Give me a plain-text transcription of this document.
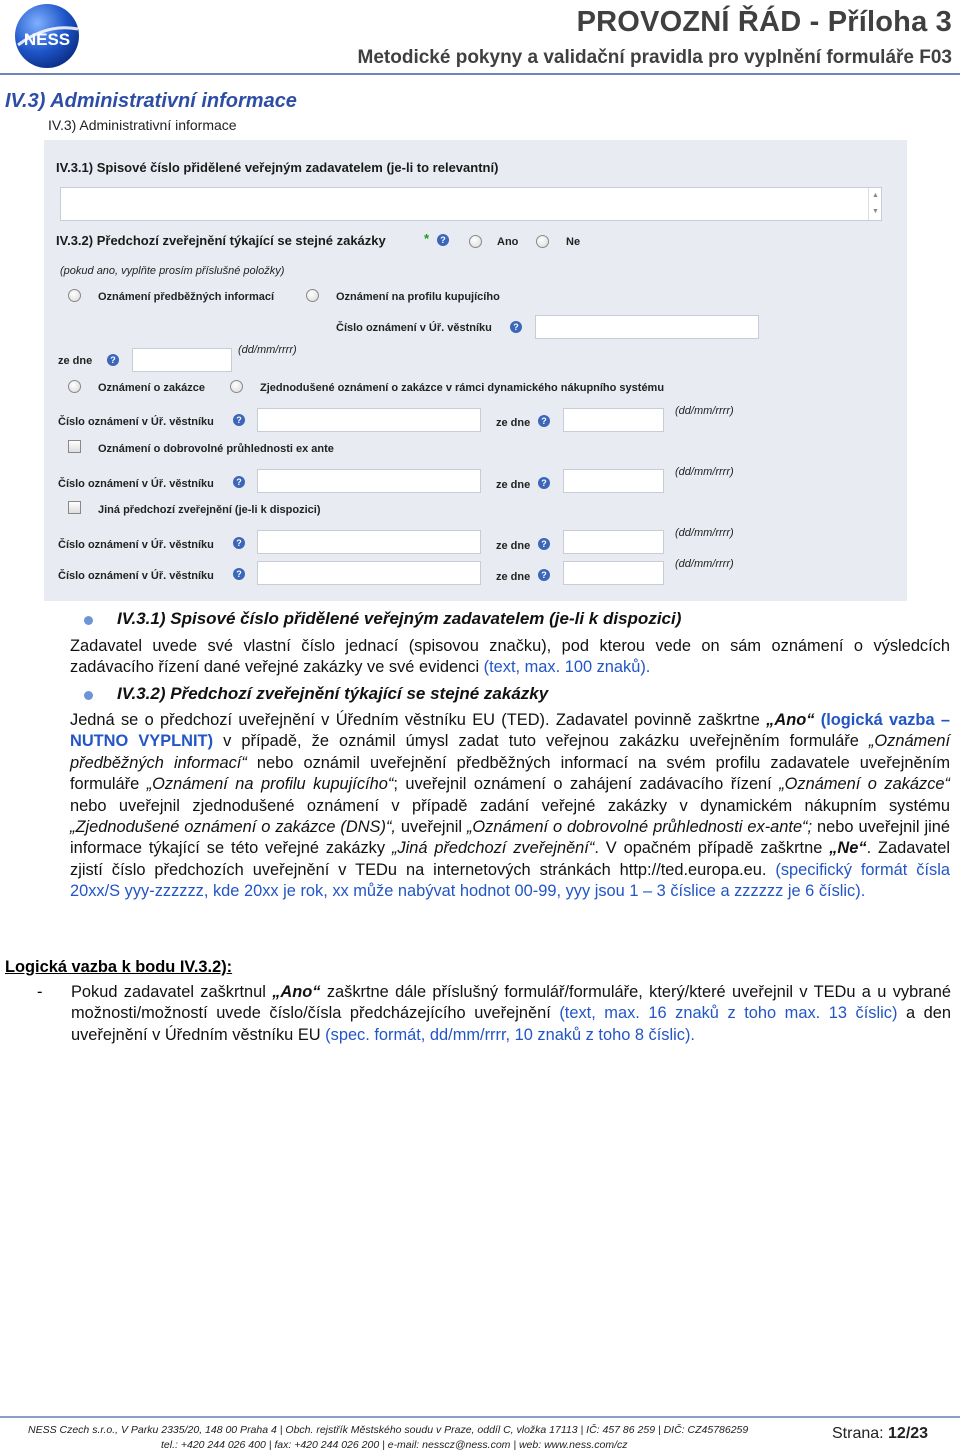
NESS
PROVOZNÍ ŘÁD - Příloha 3
Metodické pokyny a validační pravidla pro vyplnění formuláře F03
IV.3) Administrativní informace
IV.3) Administrativní informace
IV.3.1) Spisové číslo přidělené veřejným zadavatelem (je-li to relevantní)
▲
▼
IV.3.2) Předchozí zveřejnění týkající se stejné zakázky	*	?	Ano	Ne
(pokud ano, vyplňte prosím příslušné položky)
Oznámení předběžných informací	Oznámení na profilu kupujícího
Číslo oznámení v Úř. věstníku	?
ze dne	?
(dd/mm/rrrr)
Oznámení o zakázce	Zjednodušené oznámení o zakázce v rámci dynamického nákupního systému
Číslo oznámení v Úř. věstníku	?	ze dne	?
(dd/mm/rrrr)
Oznámení o dobrovolné průhlednosti ex ante
Číslo oznámení v Úř. věstníku	?	ze dne	?
(dd/mm/rrrr)
Jiná předchozí zveřejnění (je-li k dispozici)
Číslo oznámení v Úř. věstníku	?	ze dne	?
(dd/mm/rrrr)
Číslo oznámení v Úř. věstníku	?	ze dne	?
(dd/mm/rrrr)
IV.3.1) Spisové číslo přidělené veřejným zadavatelem (je-li k dispozici)
Zadavatel uvede své vlastní číslo jednací (spisovou značku), pod kterou vede on sám oznámení o výsledcích zadávacího řízení dané veřejné zakázky ve své evidenci (text, max. 100 znaků).
IV.3.2) Předchozí zveřejnění týkající se stejné zakázky
Jedná se o předchozí uveřejnění v Úředním věstníku EU (TED). Zadavatel povinně zaškrtne „Ano“ (logická vazba – NUTNO VYPLNIT) v případě, že oznámil úmysl zadat tuto veřejnou zakázku uveřejněním formuláře „Oznámení předběžných informací“ nebo oznámil uveřejnění předběžných informací na svém profilu zadavatele uveřejněním formuláře „Oznámení na profilu kupujícího“; uveřejnil oznámení o zahájení zadávacího řízení „Oznámení o zakázce“ nebo uveřejnil zjednodušené oznámení v případě zadání veřejné zakázky v dynamickém nákupním systému „Zjednodušené oznámení o zakázce (DNS)“, uveřejnil „Oznámení o dobrovolné průhlednosti ex-ante“; nebo uveřejnil jiné informace týkající se této veřejné zakázky „Jiná předchozí zveřejnění“. V opačném případě zaškrtne „Ne“. Zadavatel zjistí číslo předchozích uveřejnění v TEDu na internetových stránkách http://ted.europa.eu. (specifický formát čísla 20xx/S yyy-zzzzzz, kde 20xx je rok, xx může nabývat hodnot 00-99, yyy jsou 1 – 3 číslice a zzzzzz je 6 číslic).
Logická vazba k bodu IV.3.2):
- Pokud zadavatel zaškrtnul „Ano“ zaškrtne dále příslušný formulář/formuláře, který/které uveřejnil v TEDu a u vybrané možnosti/možností uvede číslo/čísla předcházejícího uveřejnění (text, max. 16 znaků z toho max. 13 číslic) a den uveřejnění v Úředním věstníku EU (spec. formát, dd/mm/rrrr, 10 znaků z toho 8 číslic).
NESS Czech s.r.o., V Parku 2335/20, 148 00 Praha 4 | Obch. rejstřík Městského soudu v Praze, oddíl C, vložka 17113 | IČ: 457 86 259 | DIČ: CZ45786259
tel.: +420 244 026 400 | fax: +420 244 026 200 | e-mail: nesscz@ness.com | web: www.ness.com/cz
Strana: 12/23
